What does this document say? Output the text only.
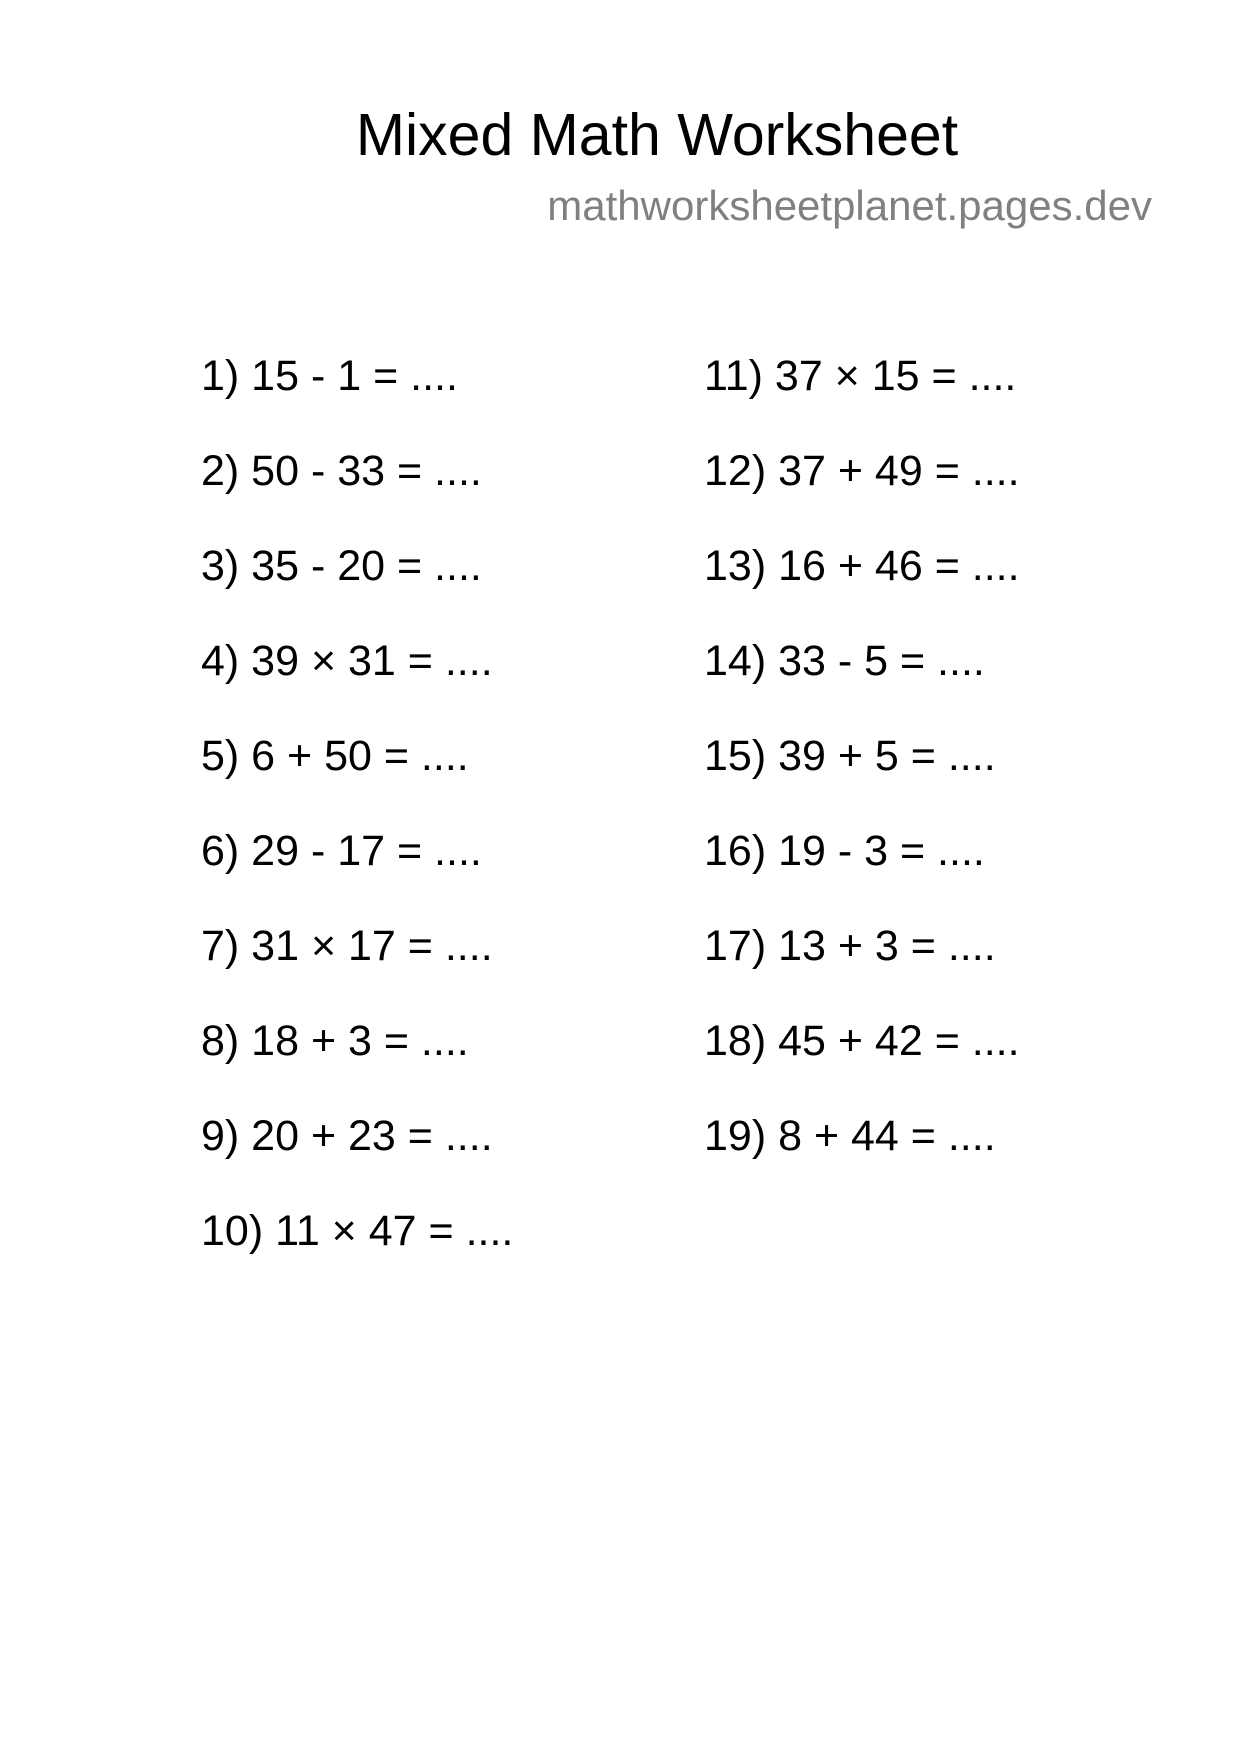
Mixed Math Worksheet
mathworksheetplanet.pages.dev
1) 15 - 1 = ....
2) 50 - 33 = ....
3) 35 - 20 = ....
4) 39 × 31 = ....
5) 6 + 50 = ....
6) 29 - 17 = ....
7) 31 × 17 = ....
8) 18 + 3 = ....
9) 20 + 23 = ....
10) 11 × 47 = ....
11) 37 × 15 = ....
12) 37 + 49 = ....
13) 16 + 46 = ....
14) 33 - 5 = ....
15) 39 + 5 = ....
16) 19 - 3 = ....
17) 13 + 3 = ....
18) 45 + 42 = ....
19) 8 + 44 = ....
